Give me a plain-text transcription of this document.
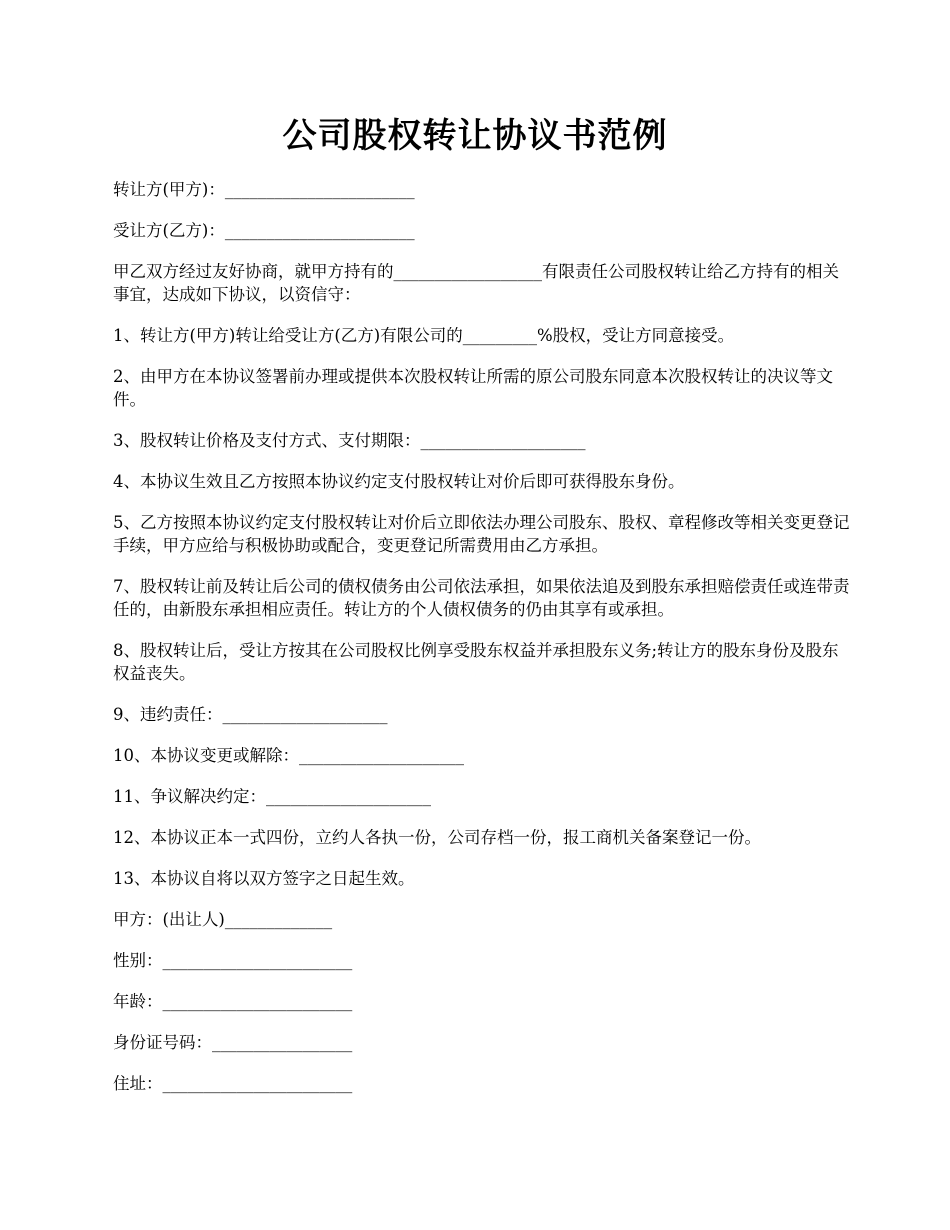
公司股权转让协议书范例
转让方(甲方)：_______________________
受让方(乙方)：_______________________
甲乙双方经过友好协商，就甲方持有的__________________有限责任公司股权转让给乙方持有的相关事宜，达成如下协议，以资信守：
1、转让方(甲方)转让给受让方(乙方)有限公司的_________%股权，受让方同意接受。
2、由甲方在本协议签署前办理或提供本次股权转让所需的原公司股东同意本次股权转让的决议等文件。
3、股权转让价格及支付方式、支付期限：____________________
4、本协议生效且乙方按照本协议约定支付股权转让对价后即可获得股东身份。
5、乙方按照本协议约定支付股权转让对价后立即依法办理公司股东、股权、章程修改等相关变更登记手续，甲方应给与积极协助或配合，变更登记所需费用由乙方承担。
7、股权转让前及转让后公司的债权债务由公司依法承担，如果依法追及到股东承担赔偿责任或连带责任的，由新股东承担相应责任。转让方的个人债权债务的仍由其享有或承担。
8、股权转让后，受让方按其在公司股权比例享受股东权益并承担股东义务;转让方的股东身份及股东权益丧失。
9、违约责任：____________________
10、本协议变更或解除：____________________
11、争议解决约定：____________________
12、本协议正本一式四份，立约人各执一份，公司存档一份，报工商机关备案登记一份。
13、本协议自将以双方签字之日起生效。
甲方：(出让人)_____________
性别：_______________________
年龄：_______________________
身份证号码：_________________
住址：_______________________
